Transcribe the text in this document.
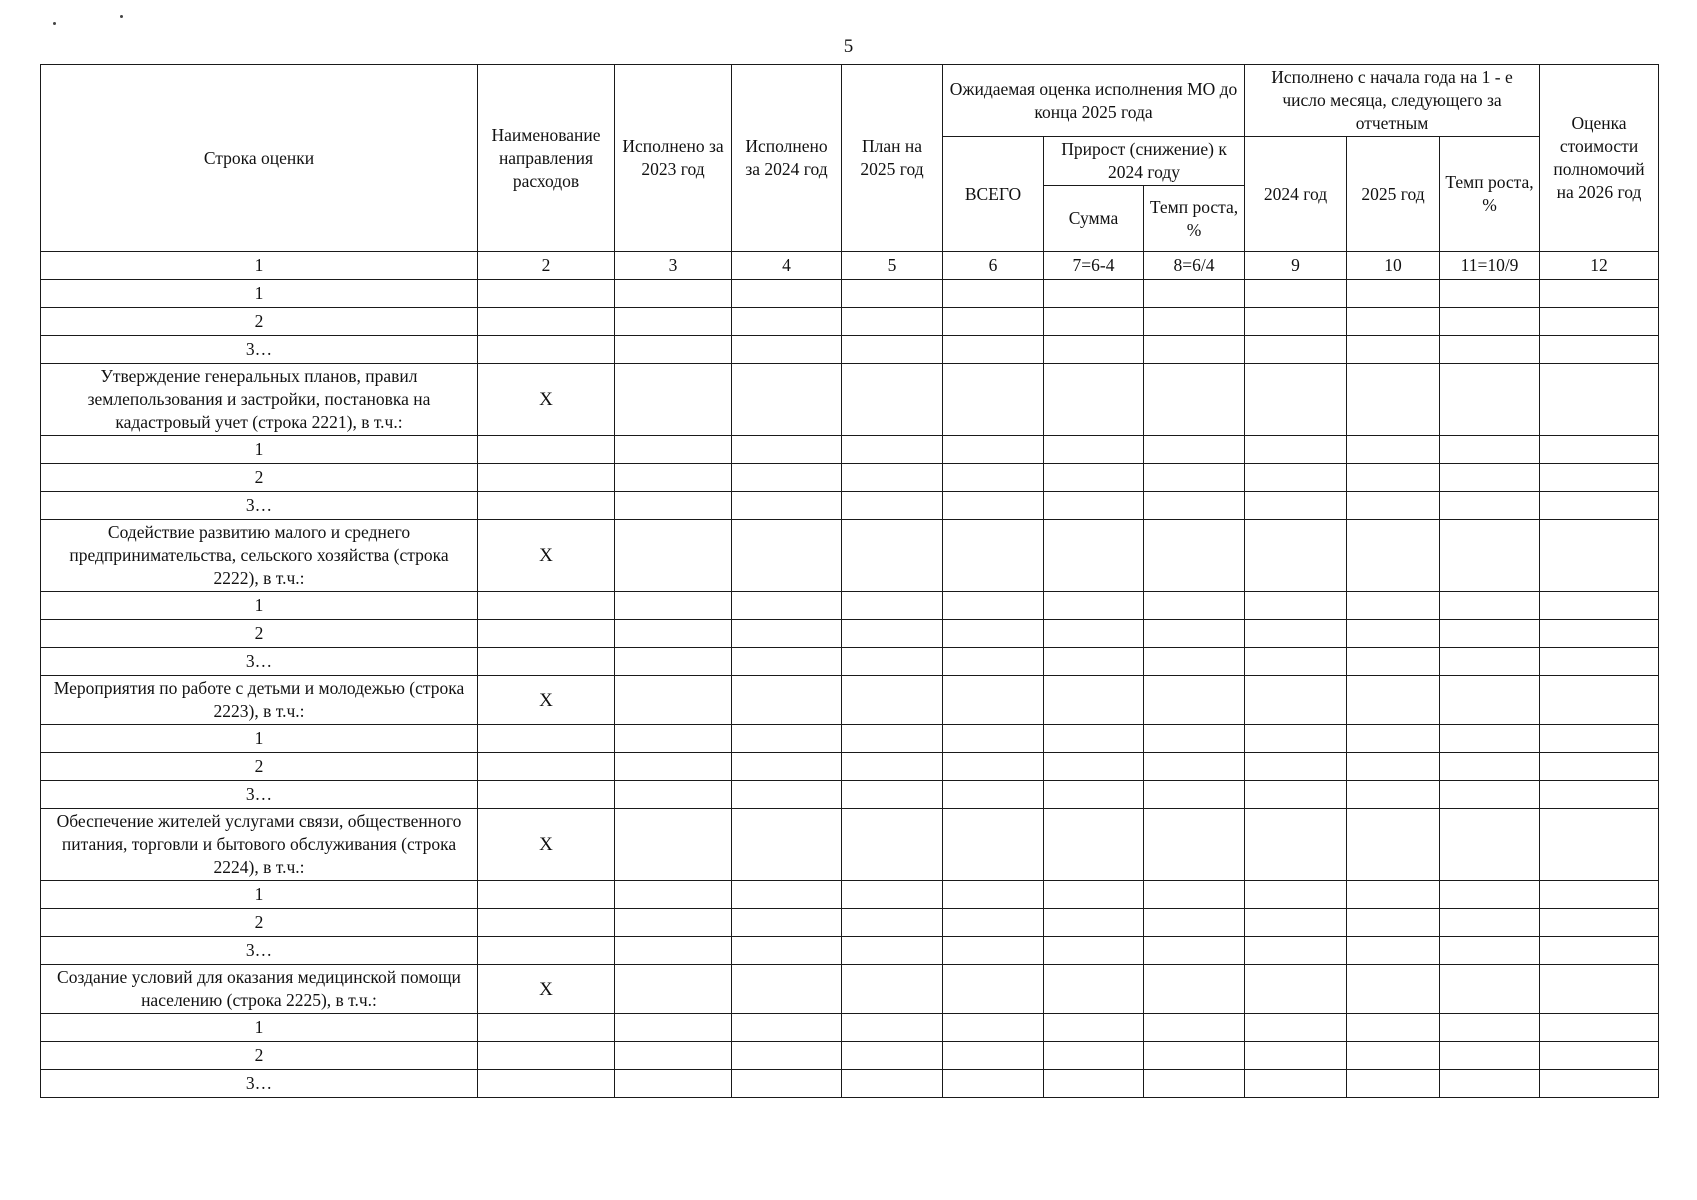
5
Строка оценки	Наименование направления расходов	Исполнено за 2023 год	Исполнено за 2024 год	План на 2025 год	Ожидаемая оценка исполнения МО до конца 2025 года			Исполнено с начала года на 1 - е число месяца, следующего за отчетным			Оценка стоимости полномочий на 2026 год
					ВСЕГО	Прирост (снижение) к 2024 году		2024 год	2025 год	Темп роста, %	
						Сумма	Темп роста, %				
1	2	3	4	5	6	7=6-4	8=6/4	9	10	11=10/9	12
1											
2											
3…											
Утверждение генеральных планов, правил землепользования и застройки, постановка на кадастровый учет (строка 2221), в т.ч.:	X										
1											
2											
3…											
Содействие развитию малого и среднего предпринимательства, сельского хозяйства (строка 2222), в т.ч.:	X										
1											
2											
3…											
Мероприятия по работе с детьми и молодежью (строка 2223), в т.ч.:	X										
1											
2											
3…											
Обеспечение жителей услугами связи, общественного питания, торговли и бытового обслуживания (строка 2224), в т.ч.:	X										
1											
2											
3…											
Создание условий для оказания медицинской помощи населению (строка 2225), в т.ч.:	X										
1											
2											
3…											
